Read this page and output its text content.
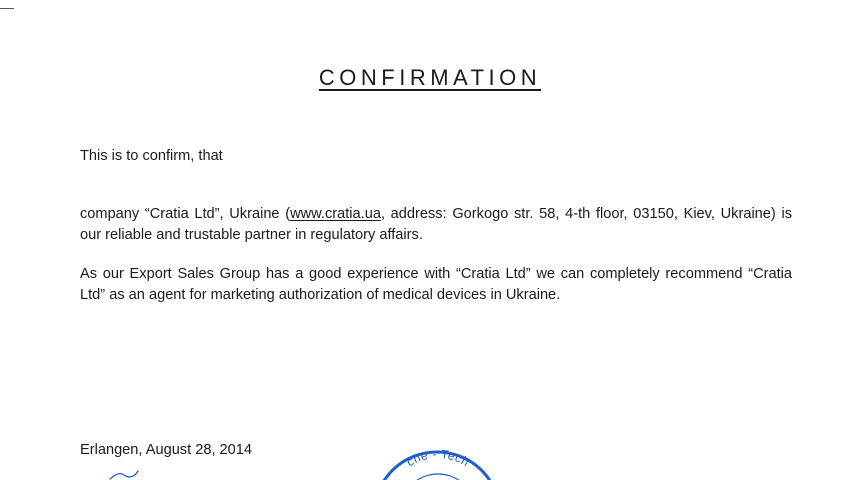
CONFIRMATION

This is to confirm, that

company “Cratia Ltd”, Ukraine (www.cratia.ua, address: Gorkogo str. 58, 4-th floor, 03150, Kiev, Ukraine) is our reliable and trustable partner in regulatory affairs.

As our Export Sales Group has a good experience with “Cratia Ltd” we can completely recommend “Cratia Ltd” as an agent for marketing authorization of medical devices in Ukraine.

Erlangen, August 28, 2014

che - Tech
